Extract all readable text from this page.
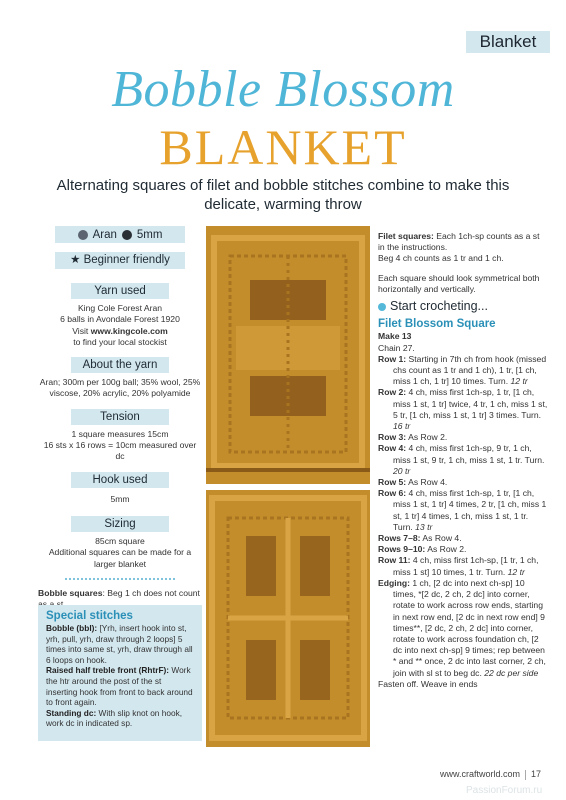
Blanket
Bobble Blossom
BLANKET
Alternating squares of filet and bobble stitches combine to make this delicate, warming throw
Aran 5mm
★ Beginner friendly
Yarn used
King Cole Forest Aran
6 balls in Avondale Forest 1920
Visit www.kingcole.com
to find your local stockist
About the yarn
Aran; 300m per 100g ball; 35% wool, 25% viscose, 20% acrylic, 20% polyamide
Tension
1 square measures 15cm
16 sts x 16 rows = 10cm measured over dc
Hook used
5mm
Sizing
85cm square
Additional squares can be made for a larger blanket
Bobble squares: Beg 1 ch does not count
Special stitches

Bobble (bbl): [Yrh, insert hook into st, yrh, pull, yrh, draw through 2 loops] 5 times into same st, yrh, draw through all 6 loops on hook.

Raised half treble front (RhtrF): Work the htr around the post of the st inserting hook from front to back around to front again.

Standing dc: With slip knot on hook, work dc in indicated sp.

Filet squares: Each 1ch-sp counts as a st in the instructions.

Beg 4 ch counts as 1 tr and 1 ch.

Each square should look symmetrical both horizontally and vertically.

Start crocheting...
Filet Blossom Square

Make 13

Chain 27.

Row 1: Starting in 7th ch from hook (missed chs count as 1 tr and 1 ch), 1 tr, [1 ch, miss 1 ch, 1 tr] 10 times. Turn. 12 tr

Row 2: 4 ch, miss first 1ch-sp, 1 tr, [1 ch, miss 1 st, 1 tr] twice, 4 tr, 1 ch, miss 1 st, 5 tr, [1 ch, miss 1 st, 1 tr] 3 times. Turn. 16 tr

Row 3: As Row 2.

Row 4: 4 ch, miss first 1ch-sp, 9 tr, 1 ch, miss 1 st, 9 tr, 1 ch, miss 1 st, 1 tr. Turn. 20 tr

Row 5: As Row 4.

Row 6: 4 ch, miss first 1ch-sp, 1 tr, [1 ch, miss 1 st, 1 tr] 4 times, 2 tr, [1 ch, miss 1 st, 1 tr] 4 times, 1 ch, miss 1 st, 1 tr. Turn. 13 tr

Rows 7–8: As Row 4.

Rows 9–10: As Row 2.

Row 11: 4 ch, miss first 1ch-sp, [1 tr, 1 ch, miss 1 st] 10 times, 1 tr. Turn. 12 tr

Edging: 1 ch, [2 dc into next ch-sp] 10 times, *[2 dc, 2 ch, 2 dc] into corner, rotate to work across row ends, starting in next row end, [2 dc in next row end] 9 times**, [2 dc, 2 ch, 2 dc] into corner, rotate to work across foundation ch, [2 dc into next ch-sp] 9 times; rep between * and ** once, 2 dc into last corner, 2 ch, join with sl st to beg dc. 22 dc per side

Fasten off. Weave in ends

www.craftworld.com 17
PassionForum.ru
